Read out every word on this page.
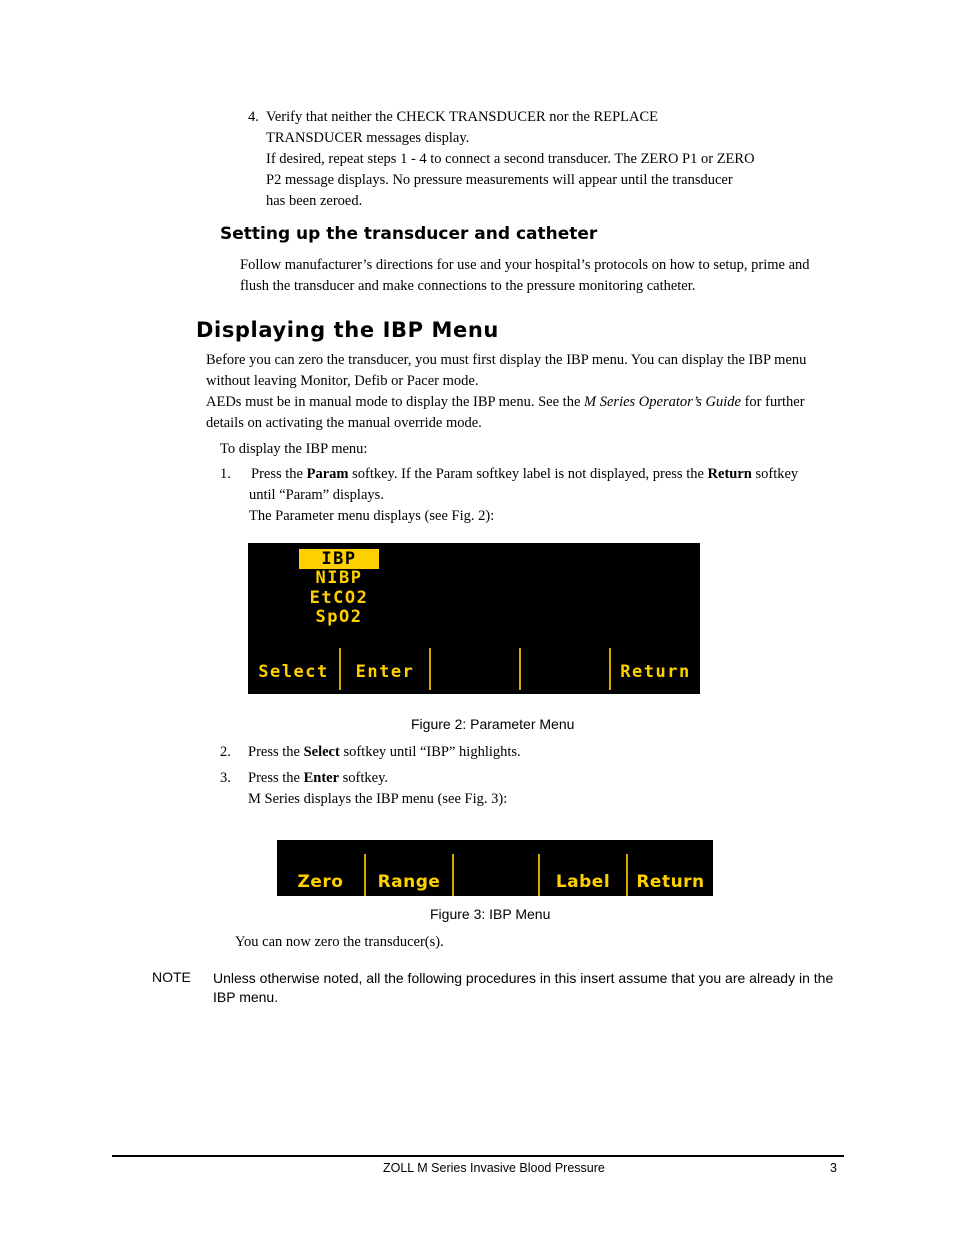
4. Verify that neither the CHECK TRANSDUCER nor the REPLACE
TRANSDUCER messages display.
If desired, repeat steps 1 - 4 to connect a second transducer. The ZERO P1 or ZERO
P2 message displays. No pressure measurements will appear until the transducer
has been zeroed.
Setting up the transducer and catheter
Follow manufacturer’s directions for use and your hospital’s protocols on how to setup, prime and
flush the transducer and make connections to the pressure monitoring catheter.
Displaying the IBP Menu
Before you can zero the transducer, you must first display the IBP menu. You can display the IBP menu
without leaving Monitor, Defib or Pacer mode.
AEDs must be in manual mode to display the IBP menu. See the M Series Operator’s Guide for further
details on activating the manual override mode.
To display the IBP menu:
1. Press the Param softkey. If the Param softkey label is not displayed, press the Return softkey
until “Param” displays.
The Parameter menu displays (see Fig. 2):
IBP
NIBP
EtCO2
SpO2
Select	Enter	Return
Figure 2: Parameter Menu
2. Press the Select softkey until “IBP” highlights.
3. Press the Enter softkey.
M Series displays the IBP menu (see Fig. 3):
Zero	Range	Label	Return
Figure 3: IBP Menu
You can now zero the transducer(s).
NOTE Unless otherwise noted, all the following procedures in this insert assume that you are already in the
IBP menu.
ZOLL M Series Invasive Blood Pressure	3
